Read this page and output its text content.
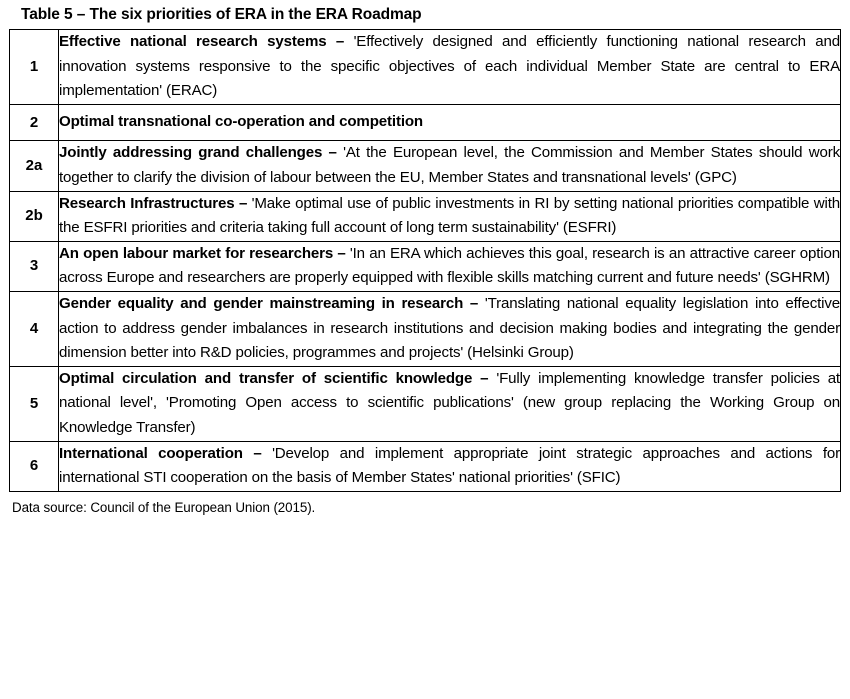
Table 5 – The six priorities of ERA in the ERA Roadmap
1	Effective national research systems – 'Effectively designed and efficiently functioning national research and innovation systems responsive to the specific objectives of each individual Member State are central to ERA implementation' (ERAC)
2	Optimal transnational co-operation and competition
2a	Jointly addressing grand challenges – 'At the European level, the Commission and Member States should work together to clarify the division of labour between the EU, Member States and transnational levels' (GPC)
2b	Research Infrastructures – 'Make optimal use of public investments in RI by setting national priorities compatible with the ESFRI priorities and criteria taking full account of long term sustainability' (ESFRI)
3	An open labour market for researchers – 'In an ERA which achieves this goal, research is an attractive career option across Europe and researchers are properly equipped with flexible skills matching current and future needs' (SGHRM)
4	Gender equality and gender mainstreaming in research – 'Translating national equality legislation into effective action to address gender imbalances in research institutions and decision making bodies and integrating the gender dimension better into R&D policies, programmes and projects' (Helsinki Group)
5	Optimal circulation and transfer of scientific knowledge – 'Fully implementing knowledge transfer policies at national level', 'Promoting Open access to scientific publications' (new group replacing the Working Group on Knowledge Transfer)
6	International cooperation – 'Develop and implement appropriate joint strategic approaches and actions for international STI cooperation on the basis of Member States' national priorities' (SFIC)
Data source: Council of the European Union (2015).
